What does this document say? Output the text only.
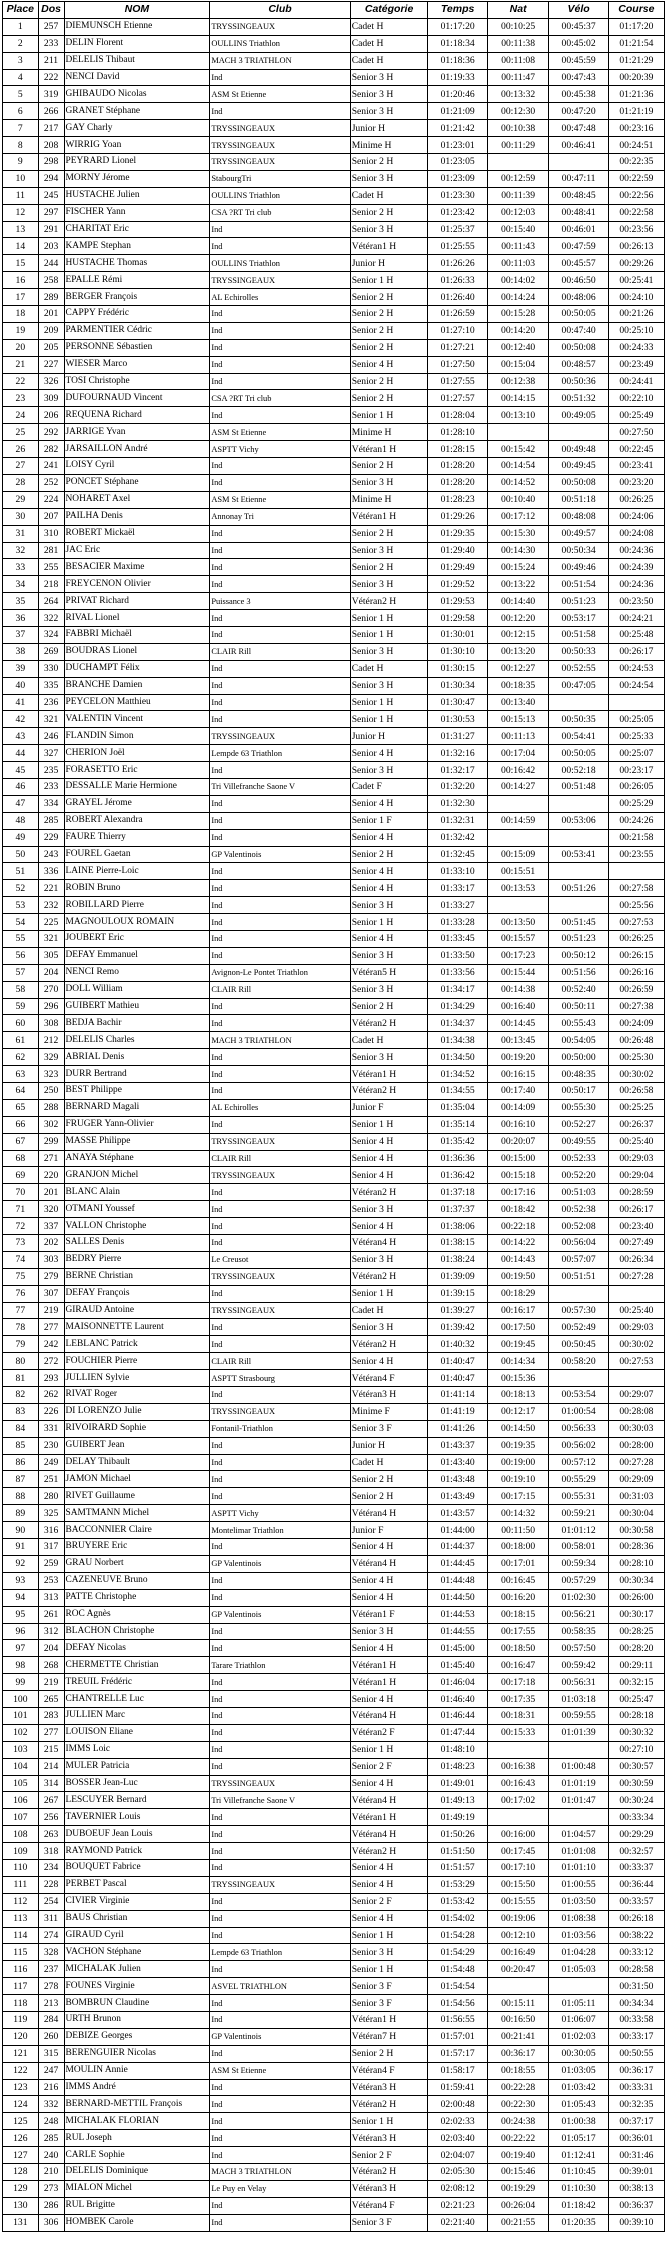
Place	Dos	NOM	Club	Catégorie	Temps	Nat	Vélo	Course
1	257	DIEMUNSCH Etienne	TRYSSINGEAUX	Cadet H	01:17:20	00:10:25	00:45:37	01:17:20
2	233	DELIN Florent	OULLINS Triathlon	Cadet H	01:18:34	00:11:38	00:45:02	01:21:54
3	211	DELELIS Thibaut	MACH 3 TRIATHLON	Cadet H	01:18:36	00:11:08	00:45:59	01:21:29
4	222	NENCI David	Ind	Senior 3 H	01:19:33	00:11:47	00:47:43	00:20:39
5	319	GHIBAUDO Nicolas	ASM St Etienne	Senior 3 H	01:20:46	00:13:32	00:45:38	01:21:36
6	266	GRANET Stéphane	Ind	Senior 3 H	01:21:09	00:12:30	00:47:20	01:21:19
7	217	GAY Charly	TRYSSINGEAUX	Junior H	01:21:42	00:10:38	00:47:48	00:23:16
8	208	WIRRIG Yoan	TRYSSINGEAUX	Minime H	01:23:01	00:11:29	00:46:41	00:24:51
9	298	PEYRARD Lionel	TRYSSINGEAUX	Senior 2 H	01:23:05			00:22:35
10	294	MORNY Jérome	StabourgTri	Senior 3 H	01:23:09	00:12:59	00:47:11	00:22:59
11	245	HUSTACHE Julien	OULLINS Triathlon	Cadet H	01:23:30	00:11:39	00:48:45	00:22:56
12	297	FISCHER Yann	CSA ?RT Tri club	Senior 2 H	01:23:42	00:12:03	00:48:41	00:22:58
13	291	CHARITAT Eric	Ind	Senior 3 H	01:25:37	00:15:40	00:46:01	00:23:56
14	203	KAMPE Stephan	Ind	Vétéran1 H	01:25:55	00:11:43	00:47:59	00:26:13
15	244	HUSTACHE Thomas	OULLINS Triathlon	Junior H	01:26:26	00:11:03	00:45:57	00:29:26
16	258	EPALLE Rémi	TRYSSINGEAUX	Senior 1 H	01:26:33	00:14:02	00:46:50	00:25:41
17	289	BERGER François	AL Echirolles	Senior 2 H	01:26:40	00:14:24	00:48:06	00:24:10
18	201	CAPPY Frédéric	Ind	Senior 2 H	01:26:59	00:15:28	00:50:05	00:21:26
19	209	PARMENTIER Cédric	Ind	Senior 2 H	01:27:10	00:14:20	00:47:40	00:25:10
20	205	PERSONNE Sébastien	Ind	Senior 2 H	01:27:21	00:12:40	00:50:08	00:24:33
21	227	WIESER Marco	Ind	Senior 4 H	01:27:50	00:15:04	00:48:57	00:23:49
22	326	TOSI Christophe	Ind	Senior 2 H	01:27:55	00:12:38	00:50:36	00:24:41
23	309	DUFOURNAUD Vincent	CSA ?RT Tri club	Senior 2 H	01:27:57	00:14:15	00:51:32	00:22:10
24	206	REQUENA Richard	Ind	Senior 1 H	01:28:04	00:13:10	00:49:05	00:25:49
25	292	JARRIGE Yvan	ASM St Etienne	Minime H	01:28:10			00:27:50
26	282	JARSAILLON André	ASPTT Vichy	Vétéran1 H	01:28:15	00:15:42	00:49:48	00:22:45
27	241	LOISY Cyril	Ind	Senior 2 H	01:28:20	00:14:54	00:49:45	00:23:41
28	252	PONCET Stéphane	Ind	Senior 3 H	01:28:20	00:14:52	00:50:08	00:23:20
29	224	NOHARET Axel	ASM St Etienne	Minime H	01:28:23	00:10:40	00:51:18	00:26:25
30	207	PAILHA Denis	Annonay Tri	Vétéran1 H	01:29:26	00:17:12	00:48:08	00:24:06
31	310	ROBERT Mickaël	Ind	Senior 2 H	01:29:35	00:15:30	00:49:57	00:24:08
32	281	JAC Eric	Ind	Senior 3 H	01:29:40	00:14:30	00:50:34	00:24:36
33	255	BESACIER Maxime	Ind	Senior 2 H	01:29:49	00:15:24	00:49:46	00:24:39
34	218	FREYCENON Olivier	Ind	Senior 3 H	01:29:52	00:13:22	00:51:54	00:24:36
35	264	PRIVAT Richard	Puissance 3	Vétéran2 H	01:29:53	00:14:40	00:51:23	00:23:50
36	322	RIVAL Lionel	Ind	Senior 1 H	01:29:58	00:12:20	00:53:17	00:24:21
37	324	FABBRI Michaël	Ind	Senior 1 H	01:30:01	00:12:15	00:51:58	00:25:48
38	269	BOUDRAS Lionel	CLAIR Rill	Senior 3 H	01:30:10	00:13:20	00:50:33	00:26:17
39	330	DUCHAMPT Félix	Ind	Cadet H	01:30:15	00:12:27	00:52:55	00:24:53
40	335	BRANCHE Damien	Ind	Senior 3 H	01:30:34	00:18:35	00:47:05	00:24:54
41	236	PEYCELON Matthieu	Ind	Senior 1 H	01:30:47	00:13:40		
42	321	VALENTIN Vincent	Ind	Senior 1 H	01:30:53	00:15:13	00:50:35	00:25:05
43	246	FLANDIN Simon	TRYSSINGEAUX	Junior H	01:31:27	00:11:13	00:54:41	00:25:33
44	327	CHERION Joël	Lempde 63 Triathlon	Senior 4 H	01:32:16	00:17:04	00:50:05	00:25:07
45	235	FORASETTO Eric	Ind	Senior 3 H	01:32:17	00:16:42	00:52:18	00:23:17
46	233	DESSALLE Marie Hermione	Tri Villefranche Saone V	Cadet F	01:32:20	00:14:27	00:51:48	00:26:05
47	334	GRAYEL Jérome	Ind	Senior 4 H	01:32:30			00:25:29
48	285	ROBERT Alexandra	Ind	Senior 1 F	01:32:31	00:14:59	00:53:06	00:24:26
49	229	FAURE Thierry	Ind	Senior 4 H	01:32:42			00:21:58
50	243	FOUREL Gaetan	GP Valentinois	Senior 2 H	01:32:45	00:15:09	00:53:41	00:23:55
51	336	LAINE Pierre-Loic	Ind	Senior 4 H	01:33:10	00:15:51		
52	221	ROBIN Bruno	Ind	Senior 4 H	01:33:17	00:13:53	00:51:26	00:27:58
53	232	ROBILLARD Pierre	Ind	Senior 3 H	01:33:27			00:25:56
54	225	MAGNOULOUX ROMAIN	Ind	Senior 1 H	01:33:28	00:13:50	00:51:45	00:27:53
55	321	JOUBERT Eric	Ind	Senior 4 H	01:33:45	00:15:57	00:51:23	00:26:25
56	305	DEFAY Emmanuel	Ind	Senior 3 H	01:33:50	00:17:23	00:50:12	00:26:15
57	204	NENCI Remo	Avignon-Le Pontet Triathlon	Vétéran5 H	01:33:56	00:15:44	00:51:56	00:26:16
58	270	DOLL William	CLAIR Rill	Senior 3 H	01:34:17	00:14:38	00:52:40	00:26:59
59	296	GUIBERT Mathieu	Ind	Senior 2 H	01:34:29	00:16:40	00:50:11	00:27:38
60	308	BEDJA Bachir	Ind	Vétéran2 H	01:34:37	00:14:45	00:55:43	00:24:09
61	212	DELELIS Charles	MACH 3 TRIATHLON	Cadet H	01:34:38	00:13:45	00:54:05	00:26:48
62	329	ABRIAL Denis	Ind	Senior 3 H	01:34:50	00:19:20	00:50:00	00:25:30
63	323	DURR Bertrand	Ind	Vétéran1 H	01:34:52	00:16:15	00:48:35	00:30:02
64	250	BEST Philippe	Ind	Vétéran2 H	01:34:55	00:17:40	00:50:17	00:26:58
65	288	BERNARD Magali	AL Echirolles	Junior F	01:35:04	00:14:09	00:55:30	00:25:25
66	302	FRUGER Yann-Olivier	Ind	Senior 1 H	01:35:14	00:16:10	00:52:27	00:26:37
67	299	MASSE Philippe	TRYSSINGEAUX	Senior 4 H	01:35:42	00:20:07	00:49:55	00:25:40
68	271	ANAYA Stéphane	CLAIR Rill	Senior 4 H	01:36:36	00:15:00	00:52:33	00:29:03
69	220	GRANJON Michel	TRYSSINGEAUX	Senior 4 H	01:36:42	00:15:18	00:52:20	00:29:04
70	201	BLANC Alain	Ind	Vétéran2 H	01:37:18	00:17:16	00:51:03	00:28:59
71	320	OTMANI Youssef	Ind	Senior 3 H	01:37:37	00:18:42	00:52:38	00:26:17
72	337	VALLON Christophe	Ind	Senior 4 H	01:38:06	00:22:18	00:52:08	00:23:40
73	202	SALLES Denis	Ind	Vétéran4 H	01:38:15	00:14:22	00:56:04	00:27:49
74	303	BEDRY Pierre	Le Creusot	Senior 3 H	01:38:24	00:14:43	00:57:07	00:26:34
75	279	BERNE Christian	TRYSSINGEAUX	Vétéran2 H	01:39:09	00:19:50	00:51:51	00:27:28
76	307	DEFAY François	Ind	Senior 1 H	01:39:15	00:18:29		
77	219	GIRAUD Antoine	TRYSSINGEAUX	Cadet H	01:39:27	00:16:17	00:57:30	00:25:40
78	277	MAISONNETTE Laurent	Ind	Senior 3 H	01:39:42	00:17:50	00:52:49	00:29:03
79	242	LEBLANC Patrick	Ind	Vétéran2 H	01:40:32	00:19:45	00:50:45	00:30:02
80	272	FOUCHIER Pierre	CLAIR Rill	Senior 4 H	01:40:47	00:14:34	00:58:20	00:27:53
81	293	JULLIEN Sylvie	ASPTT Strasbourg	Vétéran4 F	01:40:47	00:15:36		
82	262	RIVAT Roger	Ind	Vétéran3 H	01:41:14	00:18:13	00:53:54	00:29:07
83	226	DI LORENZO Julie	TRYSSINGEAUX	Minime F	01:41:19	00:12:17	01:00:54	00:28:08
84	331	RIVOIRARD Sophie	Fontanil-Triathlon	Senior 3 F	01:41:26	00:14:50	00:56:33	00:30:03
85	230	GUIBERT Jean	Ind	Junior H	01:43:37	00:19:35	00:56:02	00:28:00
86	249	DELAY Thibault	Ind	Cadet H	01:43:40	00:19:00	00:57:12	00:27:28
87	251	JAMON Michael	Ind	Senior 2 H	01:43:48	00:19:10	00:55:29	00:29:09
88	280	RIVET Guillaume	Ind	Senior 2 H	01:43:49	00:17:15	00:55:31	00:31:03
89	325	SAMTMANN Michel	ASPTT Vichy	Vétéran4 H	01:43:57	00:14:32	00:59:21	00:30:04
90	316	BACCONNIER Claire	Montelimar Triathlon	Junior F	01:44:00	00:11:50	01:01:12	00:30:58
91	317	BRUYERE Eric	Ind	Senior 4 H	01:44:37	00:18:00	00:58:01	00:28:36
92	259	GRAU Norbert	GP Valentinois	Vétéran4 H	01:44:45	00:17:01	00:59:34	00:28:10
93	253	CAZENEUVE Bruno	Ind	Senior 4 H	01:44:48	00:16:45	00:57:29	00:30:34
94	313	PATTE Christophe	Ind	Senior 4 H	01:44:50	00:16:20	01:02:30	00:26:00
95	261	ROC Agnès	GP Valentinois	Vétéran1 F	01:44:53	00:18:15	00:56:21	00:30:17
96	312	BLACHON Christophe	Ind	Senior 3 H	01:44:55	00:17:55	00:58:35	00:28:25
97	204	DEFAY Nicolas	Ind	Senior 4 H	01:45:00	00:18:50	00:57:50	00:28:20
98	268	CHERMETTE Christian	Tarare Triathlon	Vétéran1 H	01:45:40	00:16:47	00:59:42	00:29:11
99	219	TREUIL Frédéric	Ind	Vétéran1 H	01:46:04	00:17:18	00:56:31	00:32:15
100	265	CHANTRELLE Luc	Ind	Senior 4 H	01:46:40	00:17:35	01:03:18	00:25:47
101	283	JULLIEN Marc	Ind	Vétéran4 H	01:46:44	00:18:31	00:59:55	00:28:18
102	277	LOUISON Eliane	Ind	Vétéran2 F	01:47:44	00:15:33	01:01:39	00:30:32
103	215	IMMS Loic	Ind	Senior 1 H	01:48:10			00:27:10
104	214	MULER Patricia	Ind	Senior 2 F	01:48:23	00:16:38	01:00:48	00:30:57
105	314	BOSSER Jean-Luc	TRYSSINGEAUX	Senior 4 H	01:49:01	00:16:43	01:01:19	00:30:59
106	267	LESCUYER Bernard	Tri Villefranche Saone V	Vétéran4 H	01:49:13	00:17:02	01:01:47	00:30:24
107	256	TAVERNIER Louis	Ind	Vétéran1 H	01:49:19			00:33:34
108	263	DUBOEUF Jean Louis	Ind	Vétéran4 H	01:50:26	00:16:00	01:04:57	00:29:29
109	318	RAYMOND Patrick	Ind	Vétéran2 H	01:51:50	00:17:45	01:01:08	00:32:57
110	234	BOUQUET Fabrice	Ind	Senior 4 H	01:51:57	00:17:10	01:01:10	00:33:37
111	228	PERBET Pascal	TRYSSINGEAUX	Senior 4 H	01:53:29	00:15:50	01:00:55	00:36:44
112	254	CIVIER Virginie	Ind	Senior 2 F	01:53:42	00:15:55	01:03:50	00:33:57
113	311	BAUS Christian	Ind	Senior 4 H	01:54:02	00:19:06	01:08:38	00:26:18
114	274	GIRAUD Cyril	Ind	Senior 1 H	01:54:28	00:12:10	01:03:56	00:38:22
115	328	VACHON Stéphane	Lempde 63 Triathlon	Senior 3 H	01:54:29	00:16:49	01:04:28	00:33:12
116	237	MICHALAK Julien	Ind	Senior 1 H	01:54:48	00:20:47	01:05:03	00:28:58
117	278	FOUNES Virginie	ASVEL TRIATHLON	Senior 3 F	01:54:54			00:31:50
118	213	BOMBRUN Claudine	Ind	Senior 3 F	01:54:56	00:15:11	01:05:11	00:34:34
119	284	URTH Brunon	Ind	Vétéran1 H	01:56:55	00:16:50	01:06:07	00:33:58
120	260	DEBIZE Georges	GP Valentinois	Vétéran7 H	01:57:01	00:21:41	01:02:03	00:33:17
121	315	BERENGUIER Nicolas	Ind	Senior 2 H	01:57:17	00:36:17	00:30:05	00:50:55
122	247	MOULIN Annie	ASM St Etienne	Vétéran4 F	01:58:17	00:18:55	01:03:05	00:36:17
123	216	IMMS André	Ind	Vétéran3 H	01:59:41	00:22:28	01:03:42	00:33:31
124	332	BERNARD-METTIL François	Ind	Vétéran2 H	02:00:48	00:22:30	01:05:43	00:32:35
125	248	MICHALAK FLORIAN	Ind	Senior 1 H	02:02:33	00:24:38	01:00:38	00:37:17
126	285	RUL Joseph	Ind	Vétéran3 H	02:03:40	00:22:22	01:05:17	00:36:01
127	240	CARLE Sophie	Ind	Senior 2 F	02:04:07	00:19:40	01:12:41	00:31:46
128	210	DELELIS Dominique	MACH 3 TRIATHLON	Vétéran2 H	02:05:30	00:15:46	01:10:45	00:39:01
129	273	MIALON Michel	Le Puy en Velay	Vétéran3 H	02:08:12	00:19:29	01:10:30	00:38:13
130	286	RUL Brigitte	Ind	Vétéran4 F	02:21:23	00:26:04	01:18:42	00:36:37
131	306	HOMBEK Carole	Ind	Senior 3 F	02:21:40	00:21:55	01:20:35	00:39:10
